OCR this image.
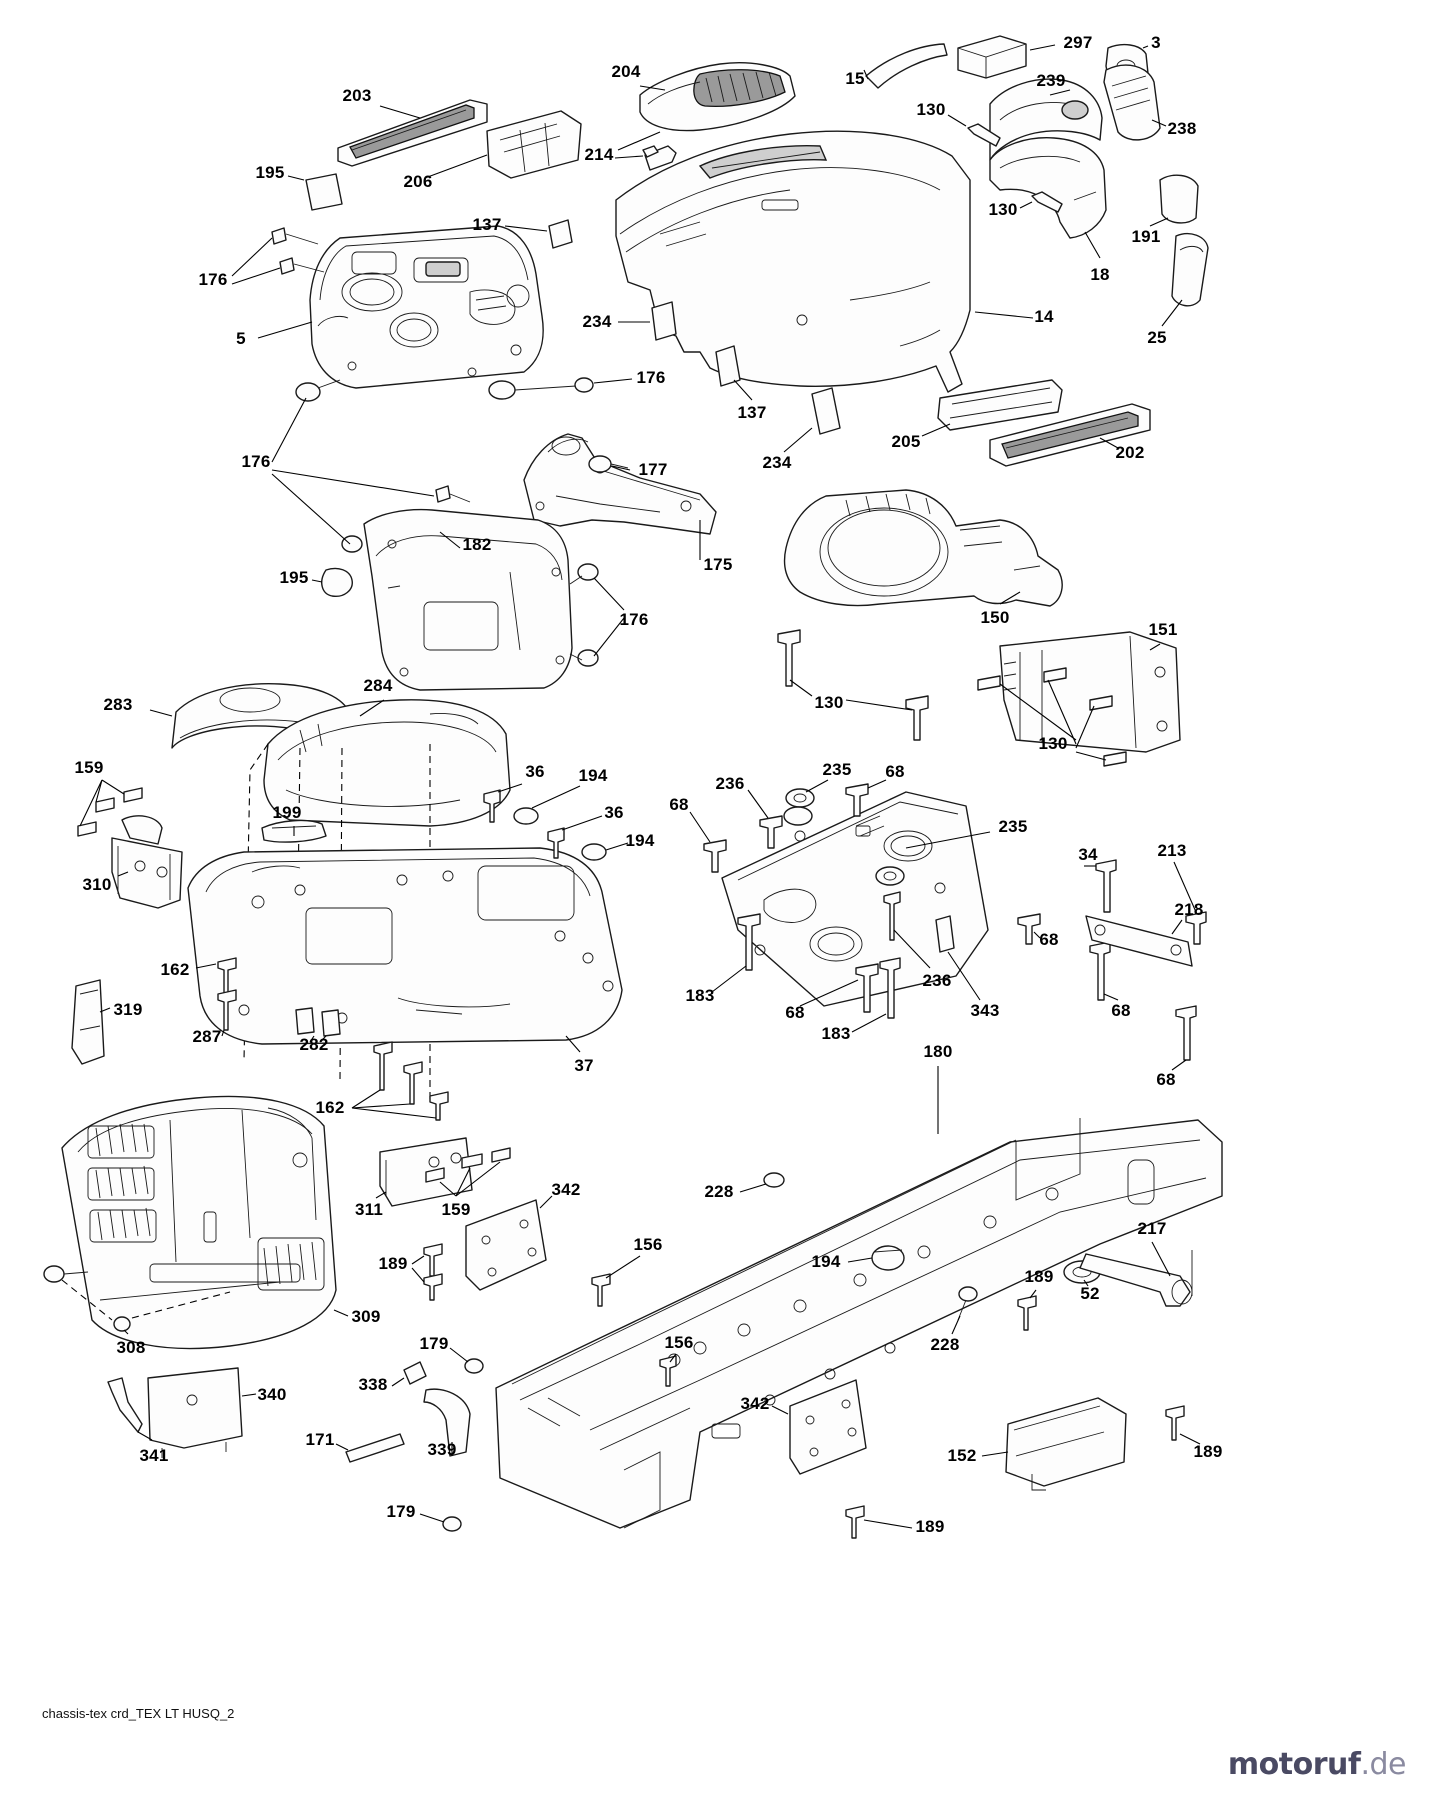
203
204	15
297	3
239
206
214
130
238
195
137
130
191
176	18
25
5
234	14
176
137
234
205
202
176	177
182
175
150
151
195
176
130
130
283
284
235
159	36 194	236
68
68
199	36
235
194
34	213
310
218
68
162
183
236
343	68
319
287
68
183
282
37
180
68
162
342	228
311	159
217
189
156
194
189
52
309
308	179	156	228
338
340
171
339
342
152	189
341
179
189
chassis-tex crd_TEX LT HUSQ_2
motoruf.de
